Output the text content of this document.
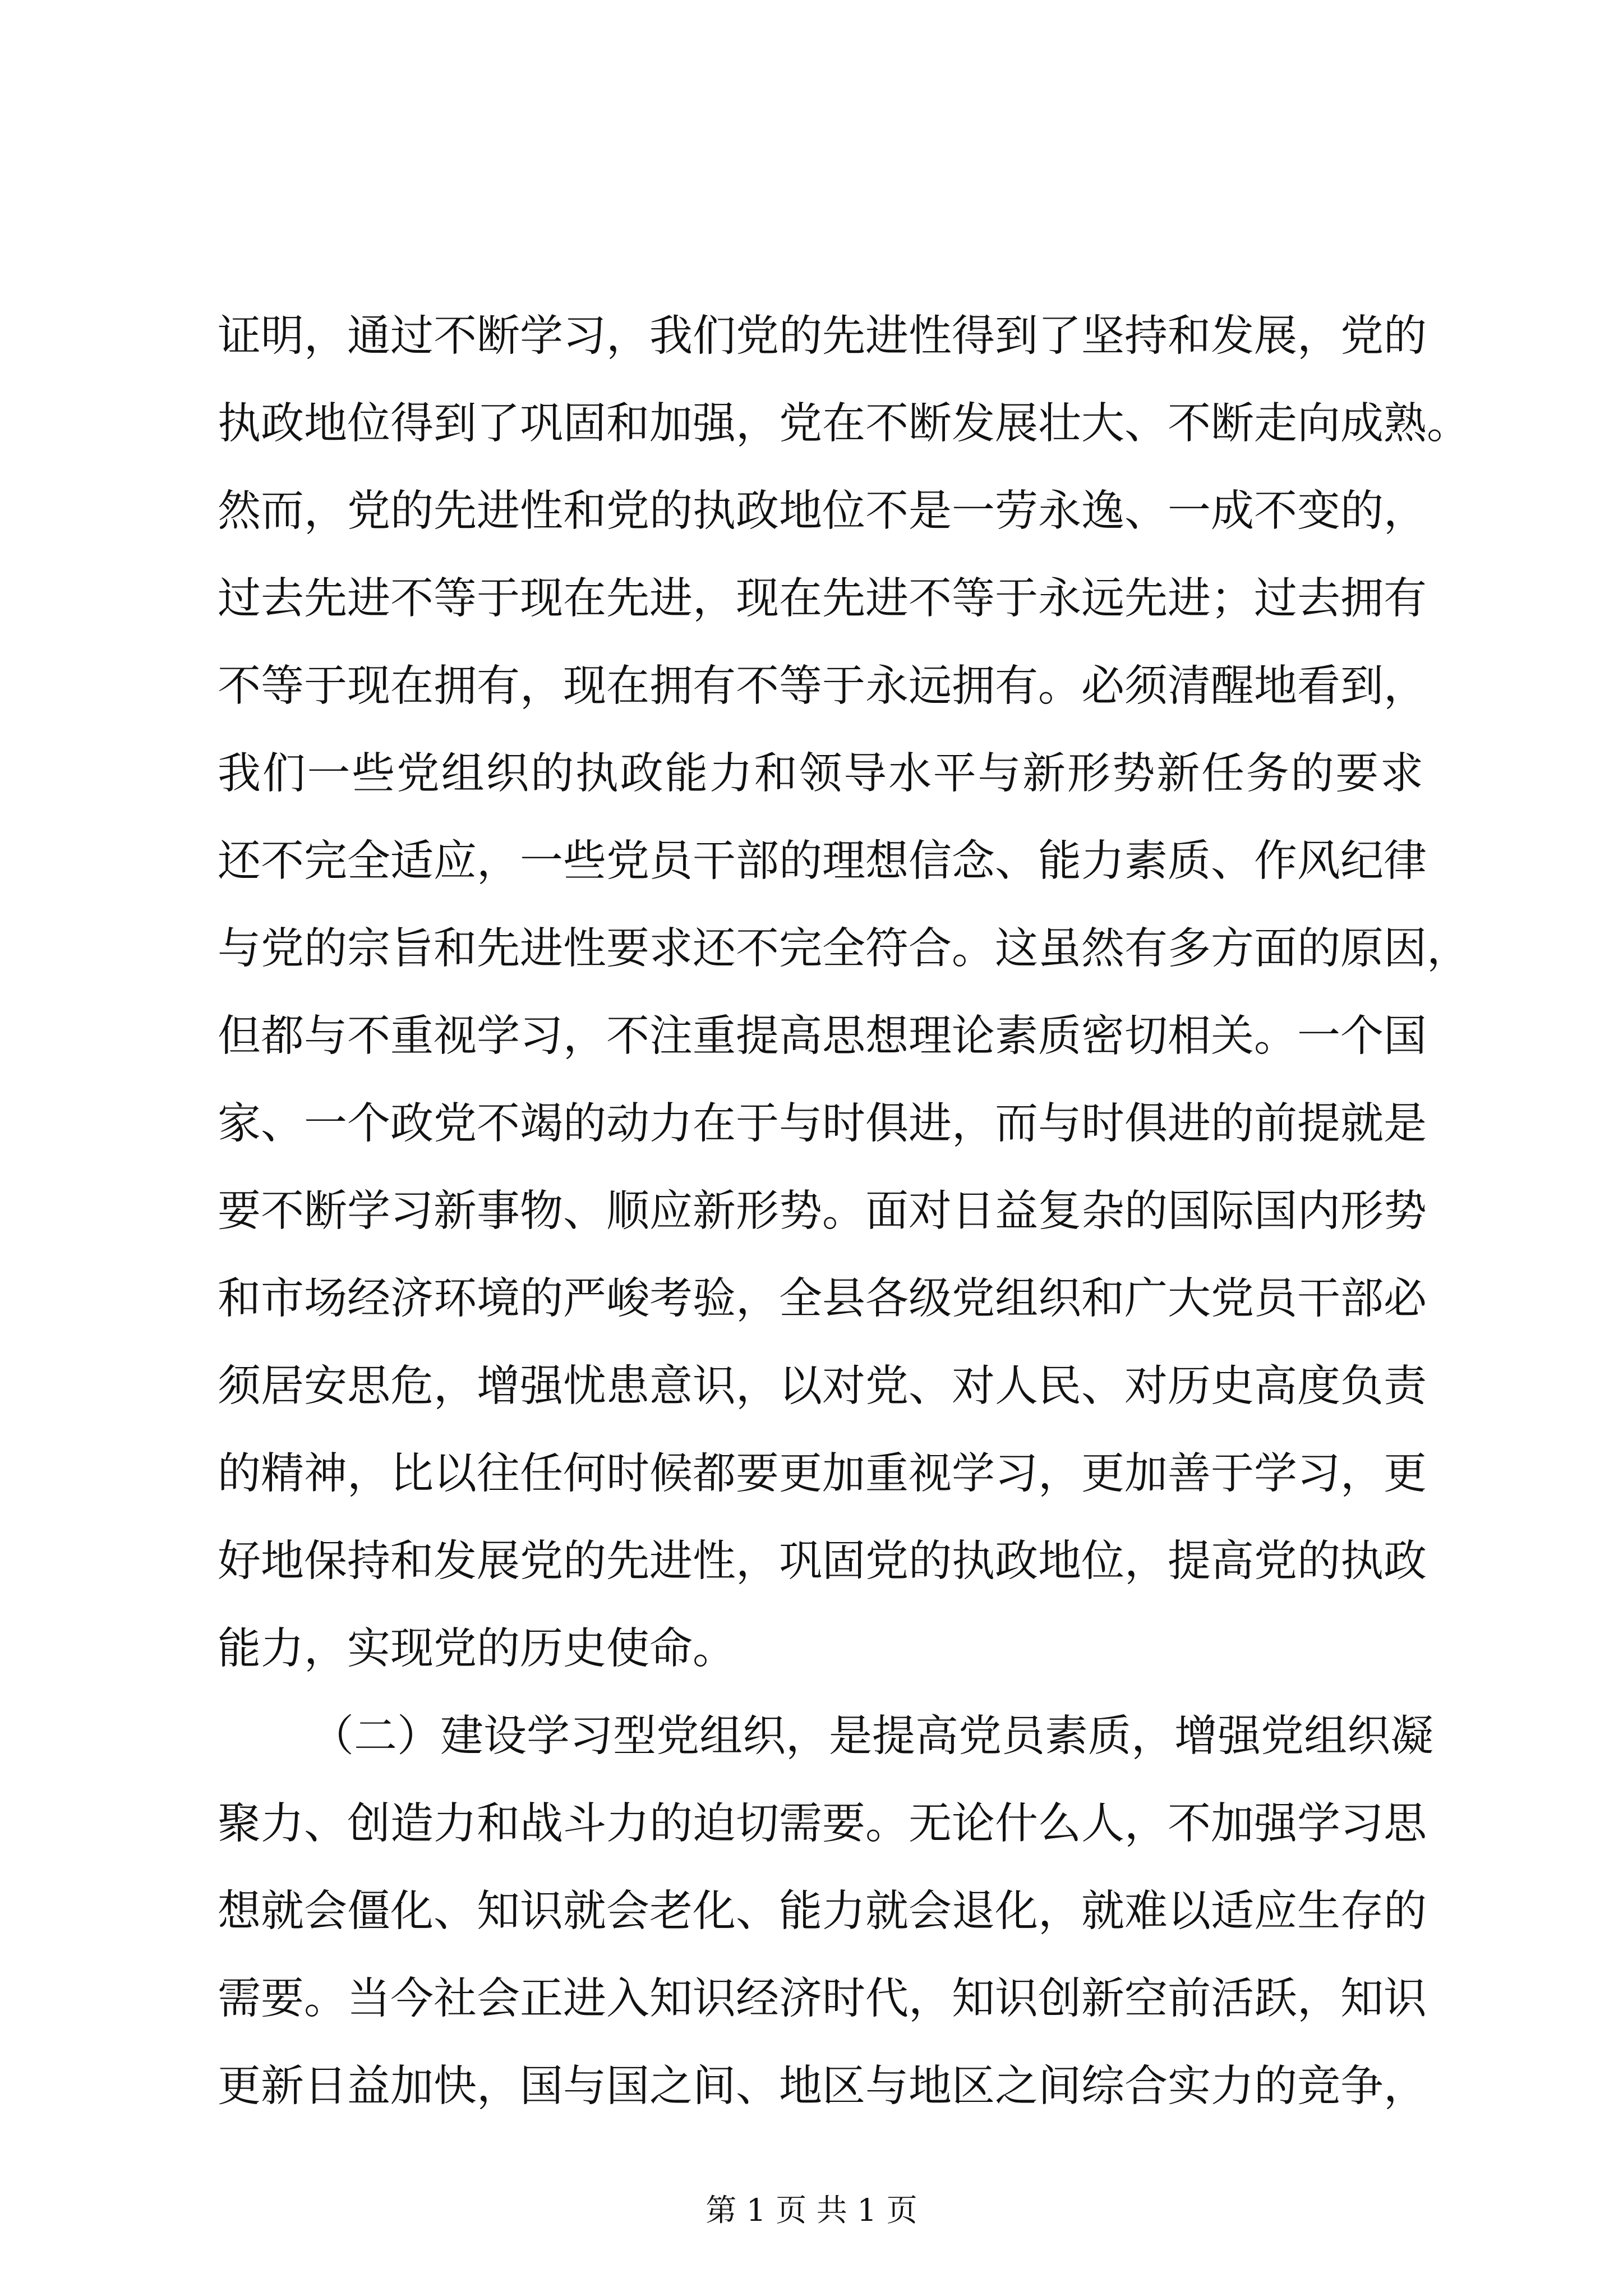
证明，通过不断学习，我们党的先进性得到了坚持和发展，党的
执政地位得到了巩固和加强，党在不断发展壮大、不断走向成熟。
然而，党的先进性和党的执政地位不是一劳永逸、一成不变的，
过去先进不等于现在先进，现在先进不等于永远先进；过去拥有
不等于现在拥有，现在拥有不等于永远拥有。必须清醒地看到，
我们一些党组织的执政能力和领导水平与新形势新任务的要求
还不完全适应，一些党员干部的理想信念、能力素质、作风纪律
与党的宗旨和先进性要求还不完全符合。这虽然有多方面的原因，
但都与不重视学习，不注重提高思想理论素质密切相关。一个国
家、一个政党不竭的动力在于与时俱进，而与时俱进的前提就是
要不断学习新事物、顺应新形势。面对日益复杂的国际国内形势
和市场经济环境的严峻考验，全县各级党组织和广大党员干部必
须居安思危，增强忧患意识，以对党、对人民、对历史高度负责
的精神，比以往任何时候都要更加重视学习，更加善于学习，更
好地保持和发展党的先进性，巩固党的执政地位，提高党的执政
能力，实现党的历史使命。
（二）建设学习型党组织，是提高党员素质，增强党组织凝
聚力、创造力和战斗力的迫切需要。无论什么人，不加强学习思
想就会僵化、知识就会老化、能力就会退化，就难以适应生存的
需要。当今社会正进入知识经济时代，知识创新空前活跃，知识
更新日益加快，国与国之间、地区与地区之间综合实力的竞争，
第 1 页 共 1 页
